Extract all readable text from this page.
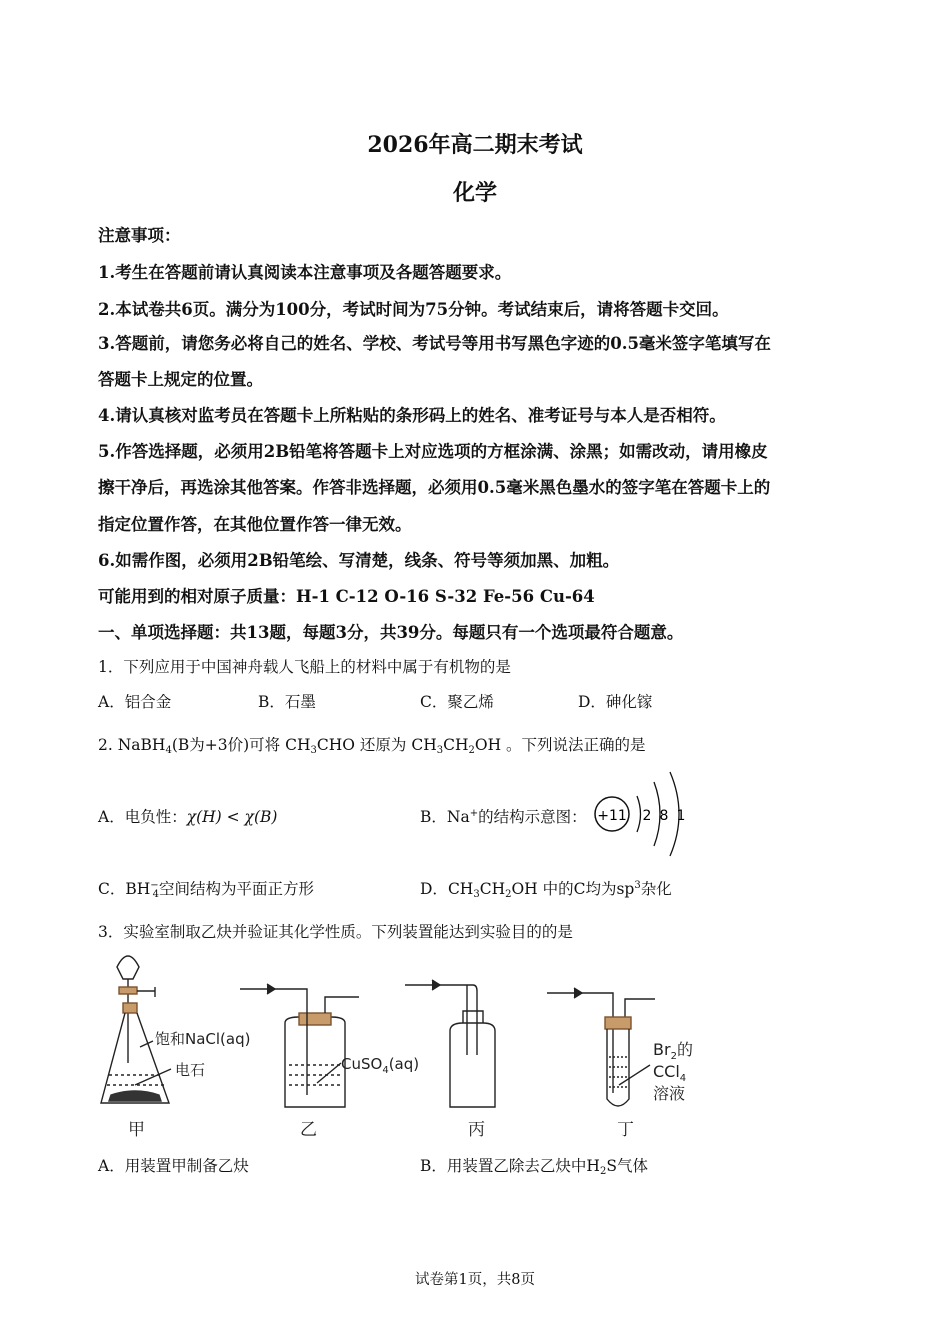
2026年高二期末考试
化学
注意事项：
1.考生在答题前请认真阅读本注意事项及各题答题要求。
2.本试卷共6页。满分为100分，考试时间为75分钟。考试结束后，请将答题卡交回。
3.答题前，请您务必将自己的姓名、学校、考试号等用书写黑色字迹的0.5毫米签字笔填写在
答题卡上规定的位置。
4.请认真核对监考员在答题卡上所粘贴的条形码上的姓名、准考证号与本人是否相符。
5.作答选择题，必须用2B铅笔将答题卡上对应选项的方框涂满、涂黑；如需改动，请用橡皮
擦干净后，再选涂其他答案。作答非选择题，必须用0.5毫米黑色墨水的签字笔在答题卡上的
指定位置作答，在其他位置作答一律无效。
6.如需作图，必须用2B铅笔绘、写清楚，线条、符号等须加黑、加粗。
可能用到的相对原子质量：H-1 C-12 O-16 S-32 Fe-56 Cu-64
一、单项选择题：共13题，每题3分，共39分。每题只有一个选项最符合题意。
1．下列应用于中国神舟载人飞船上的材料中属于有机物的是
A．铝合金	B．石墨	C．聚乙烯	D．砷化镓
2. NaBH$_4$(B为+3价)可将 $CH_3CHO$ 还原为 $CH_3CH_2OH$ 。下列说法正确的是
A．电负性：χ(H) < χ(B)	B．Na+的结构示意图： +11 2 8 1
C．$BH^-_4$空间结构为平面正方形	D．$CH_3CH_2OH$ 中的C均为$sp^3$杂化
3．实验室制取乙炔并验证其化学性质。下列装置能达到实验目的的是
饱和NaCl(aq)
电石	CuSO$_4$(aq)
$Br_2$的
CCl$_4$
溶液
甲	乙	丙	丁
A．用装置甲制备乙炔	B．用装置乙除去乙炔中$H_2S$气体
试卷第1页，共8页
